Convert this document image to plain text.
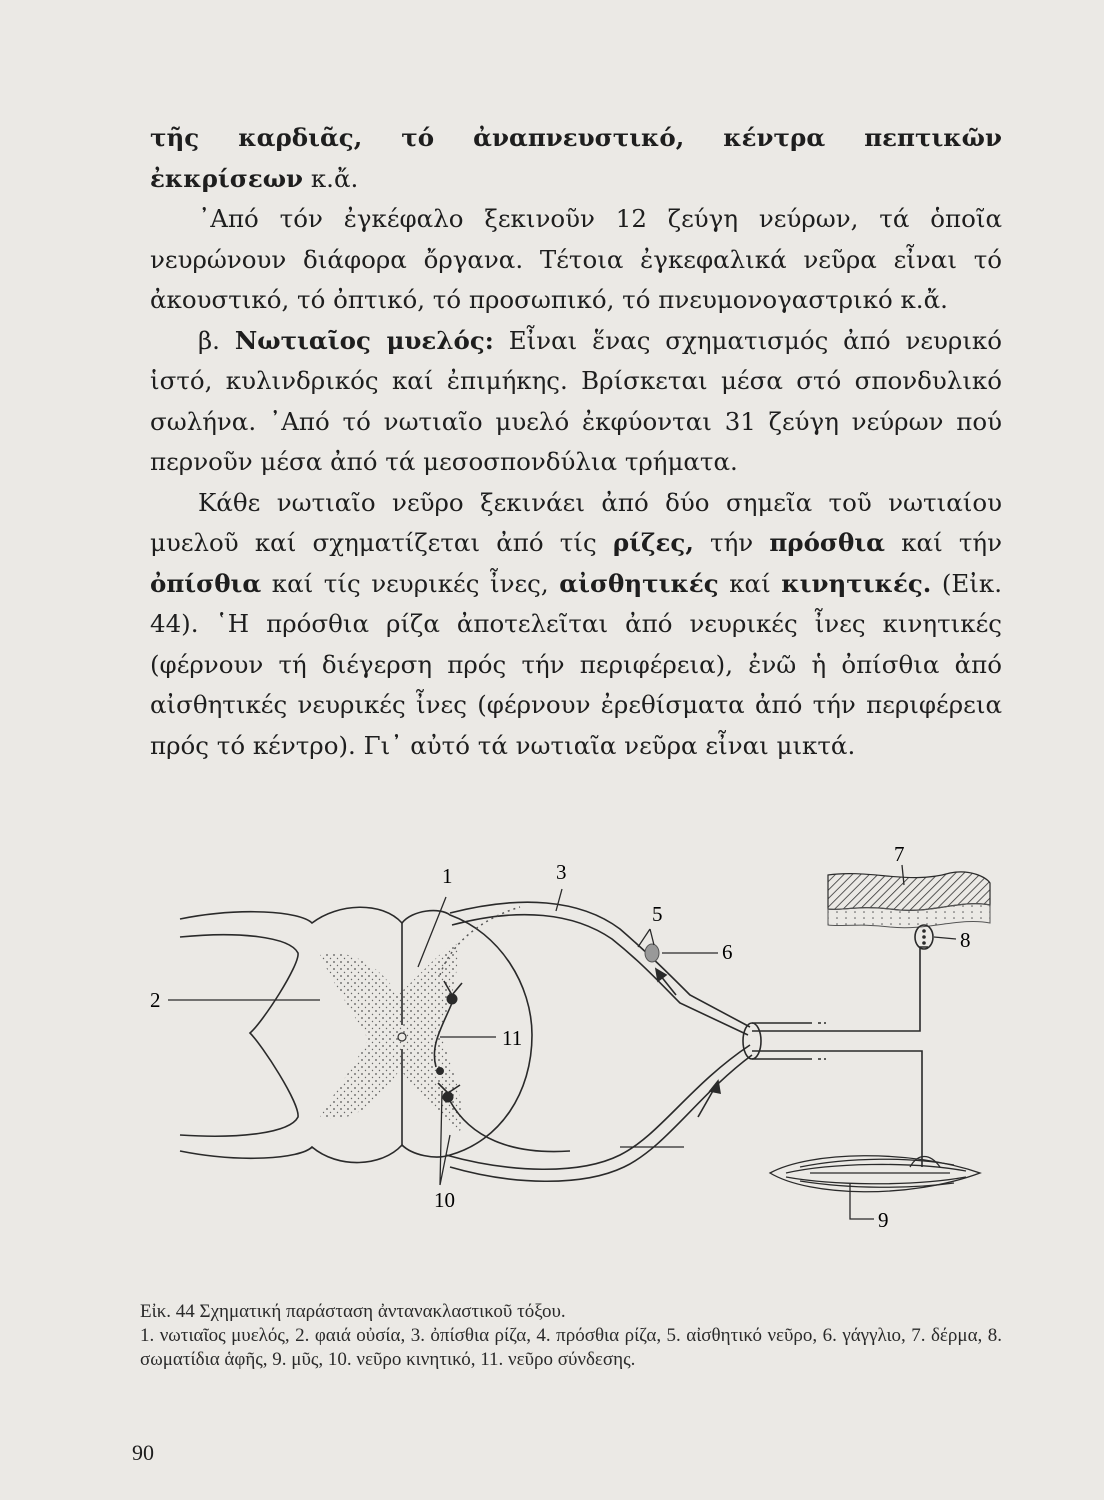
τῆς καρδιᾶς, τό ἀναπνευστικό, κέντρα πεπτικῶν ἐκκρίσεων κ.ἄ.

᾿Από τόν ἐγκέφαλο ξεκινοῦν 12 ζεύγη νεύρων, τά ὁποῖα νευρώνουν διάφορα ὄργανα. Τέτοια ἐγκεφαλικά νεῦρα εἶναι τό ἀκουστικό, τό ὀπτικό, τό προσωπικό, τό πνευμονογαστρικό κ.ἄ.

β. Νωτιαῖος μυελός: Εἶναι ἕνας σχηματισμός ἀπό νευρικό ἱστό, κυλινδρικός καί ἐπιμήκης. Βρίσκεται μέσα στό σπονδυλικό σωλήνα. ᾿Από τό νωτιαῖο μυελό ἐκφύονται 31 ζεύγη νεύρων πού περνοῦν μέσα ἀπό τά μεσοσπονδύλια τρήματα.

Κάθε νωτιαῖο νεῦρο ξεκινάει ἀπό δύο σημεῖα τοῦ νωτιαίου μυελοῦ καί σχηματίζεται ἀπό τίς ρίζες, τήν πρόσθια καί τήν ὀπίσθια καί τίς νευρικές ἶνες, αἰσθητικές καί κινητικές. (Εἰκ. 44). ῾Η πρόσθια ρίζα ἀποτελεῖται ἀπό νευρικές ἶνες κινητικές (φέρνουν τή διέγερση πρός τήν περιφέρεια), ἐνῶ ἡ ὀπίσθια ἀπό αἰσθητικές νευρικές ἶνες (φέρνουν ἐρεθίσματα ἀπό τήν περιφέρεια πρός τό κέντρο). Γι᾿ αὐτό τά νωτιαῖα νεῦρα εἶναι μικτά.

1
2
3
5
6
7
8
9
10
11

Εἰκ. 44 Σχηματική παράσταση ἀντανακλαστικοῦ τόξου.

1. νωτιαῖος μυελός, 2. φαιά οὐσία, 3. ὀπίσθια ρίζα, 4. πρόσθια ρίζα, 5. αἰσθητικό νεῦρο, 6. γάγγλιο, 7. δέρμα, 8. σωματίδια ἁφῆς, 9. μῦς, 10. νεῦρο κινητικό, 11. νεῦρο σύνδεσης.

90
